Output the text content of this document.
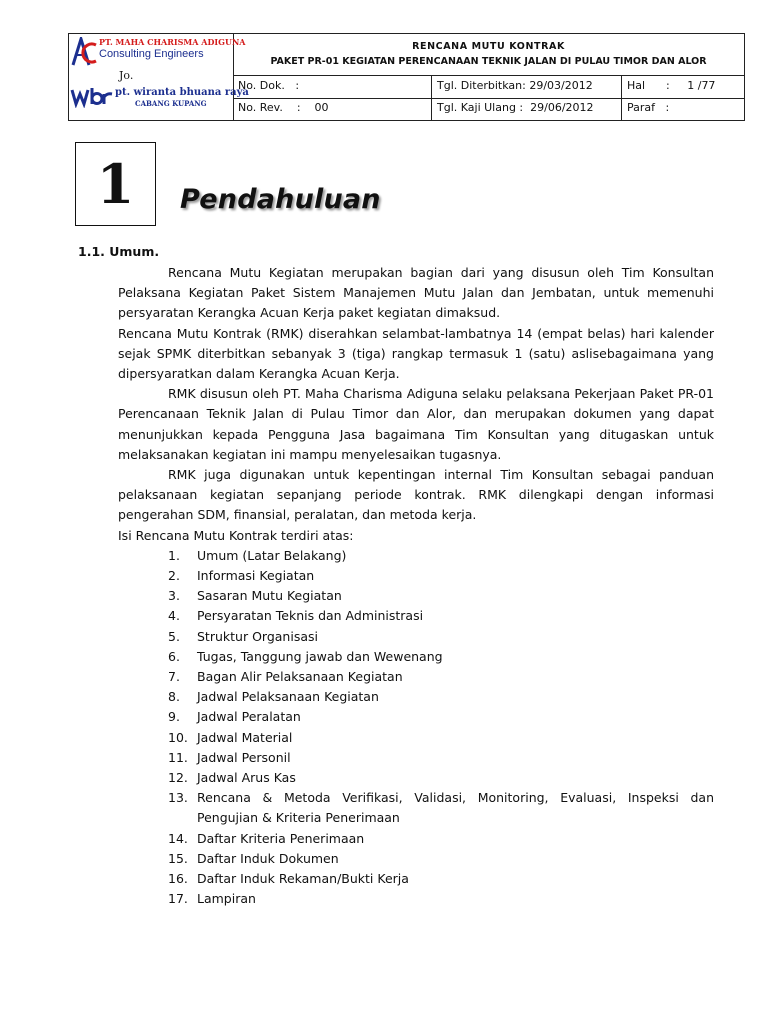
PT. MAHA CHARISMA ADIGUNA
Consulting Engineers
Jo.
pt. wiranta bhuana raya
CABANG KUPANG
RENCANA MUTU KONTRAK
PAKET PR-01 KEGIATAN PERENCANAAN TEKNIK JALAN DI PULAU TIMOR DAN ALOR
No. Dok.   :	Tgl. Diterbitkan: 29/03/2012	Hal      :     1 /77
No. Rev.    :    00	Tgl. Kaji Ulang :  29/06/2012	Paraf   :
1	Pendahuluan
1.1. Umum.

Rencana Mutu Kegiatan merupakan bagian dari yang disusun oleh Tim Konsultan Pelaksana Kegiatan Paket Sistem Manajemen Mutu Jalan dan Jembatan, untuk memenuhi persyaratan Kerangka Acuan Kerja paket kegiatan dimaksud.

Rencana Mutu Kontrak (RMK) diserahkan selambat-lambatnya 14 (empat belas) hari kalender sejak SPMK diterbitkan sebanyak 3 (tiga) rangkap termasuk 1 (satu) aslisebagaimana yang dipersyaratkan dalam Kerangka Acuan Kerja.

RMK disusun oleh PT. Maha Charisma Adiguna selaku pelaksana Pekerjaan Paket PR-01 Perencanaan Teknik Jalan di Pulau Timor dan Alor, dan merupakan dokumen yang dapat menunjukkan kepada Pengguna Jasa bagaimana Tim Konsultan yang ditugaskan untuk melaksanakan kegiatan ini mampu menyelesaikan tugasnya.

RMK juga digunakan untuk kepentingan internal Tim Konsultan sebagai panduan pelaksanaan kegiatan sepanjang periode kontrak. RMK dilengkapi dengan informasi pengerahan SDM, finansial, peralatan, dan metoda kerja.

Isi Rencana Mutu Kontrak terdiri atas:

1. Umum (Latar Belakang)
2. Informasi Kegiatan
3. Sasaran Mutu Kegiatan
4. Persyaratan Teknis dan Administrasi
5. Struktur Organisasi
6. Tugas, Tanggung jawab dan Wewenang
7. Bagan Alir Pelaksanaan Kegiatan
8. Jadwal Pelaksanaan Kegiatan
9. Jadwal Peralatan
10. Jadwal Material
11. Jadwal Personil
12. Jadwal Arus Kas
13. Rencana & Metoda Verifikasi, Validasi, Monitoring, Evaluasi, Inspeksi dan Pengujian & Kriteria Penerimaan
14. Daftar Kriteria Penerimaan
15. Daftar Induk Dokumen
16. Daftar Induk Rekaman/Bukti Kerja
17. Lampiran
